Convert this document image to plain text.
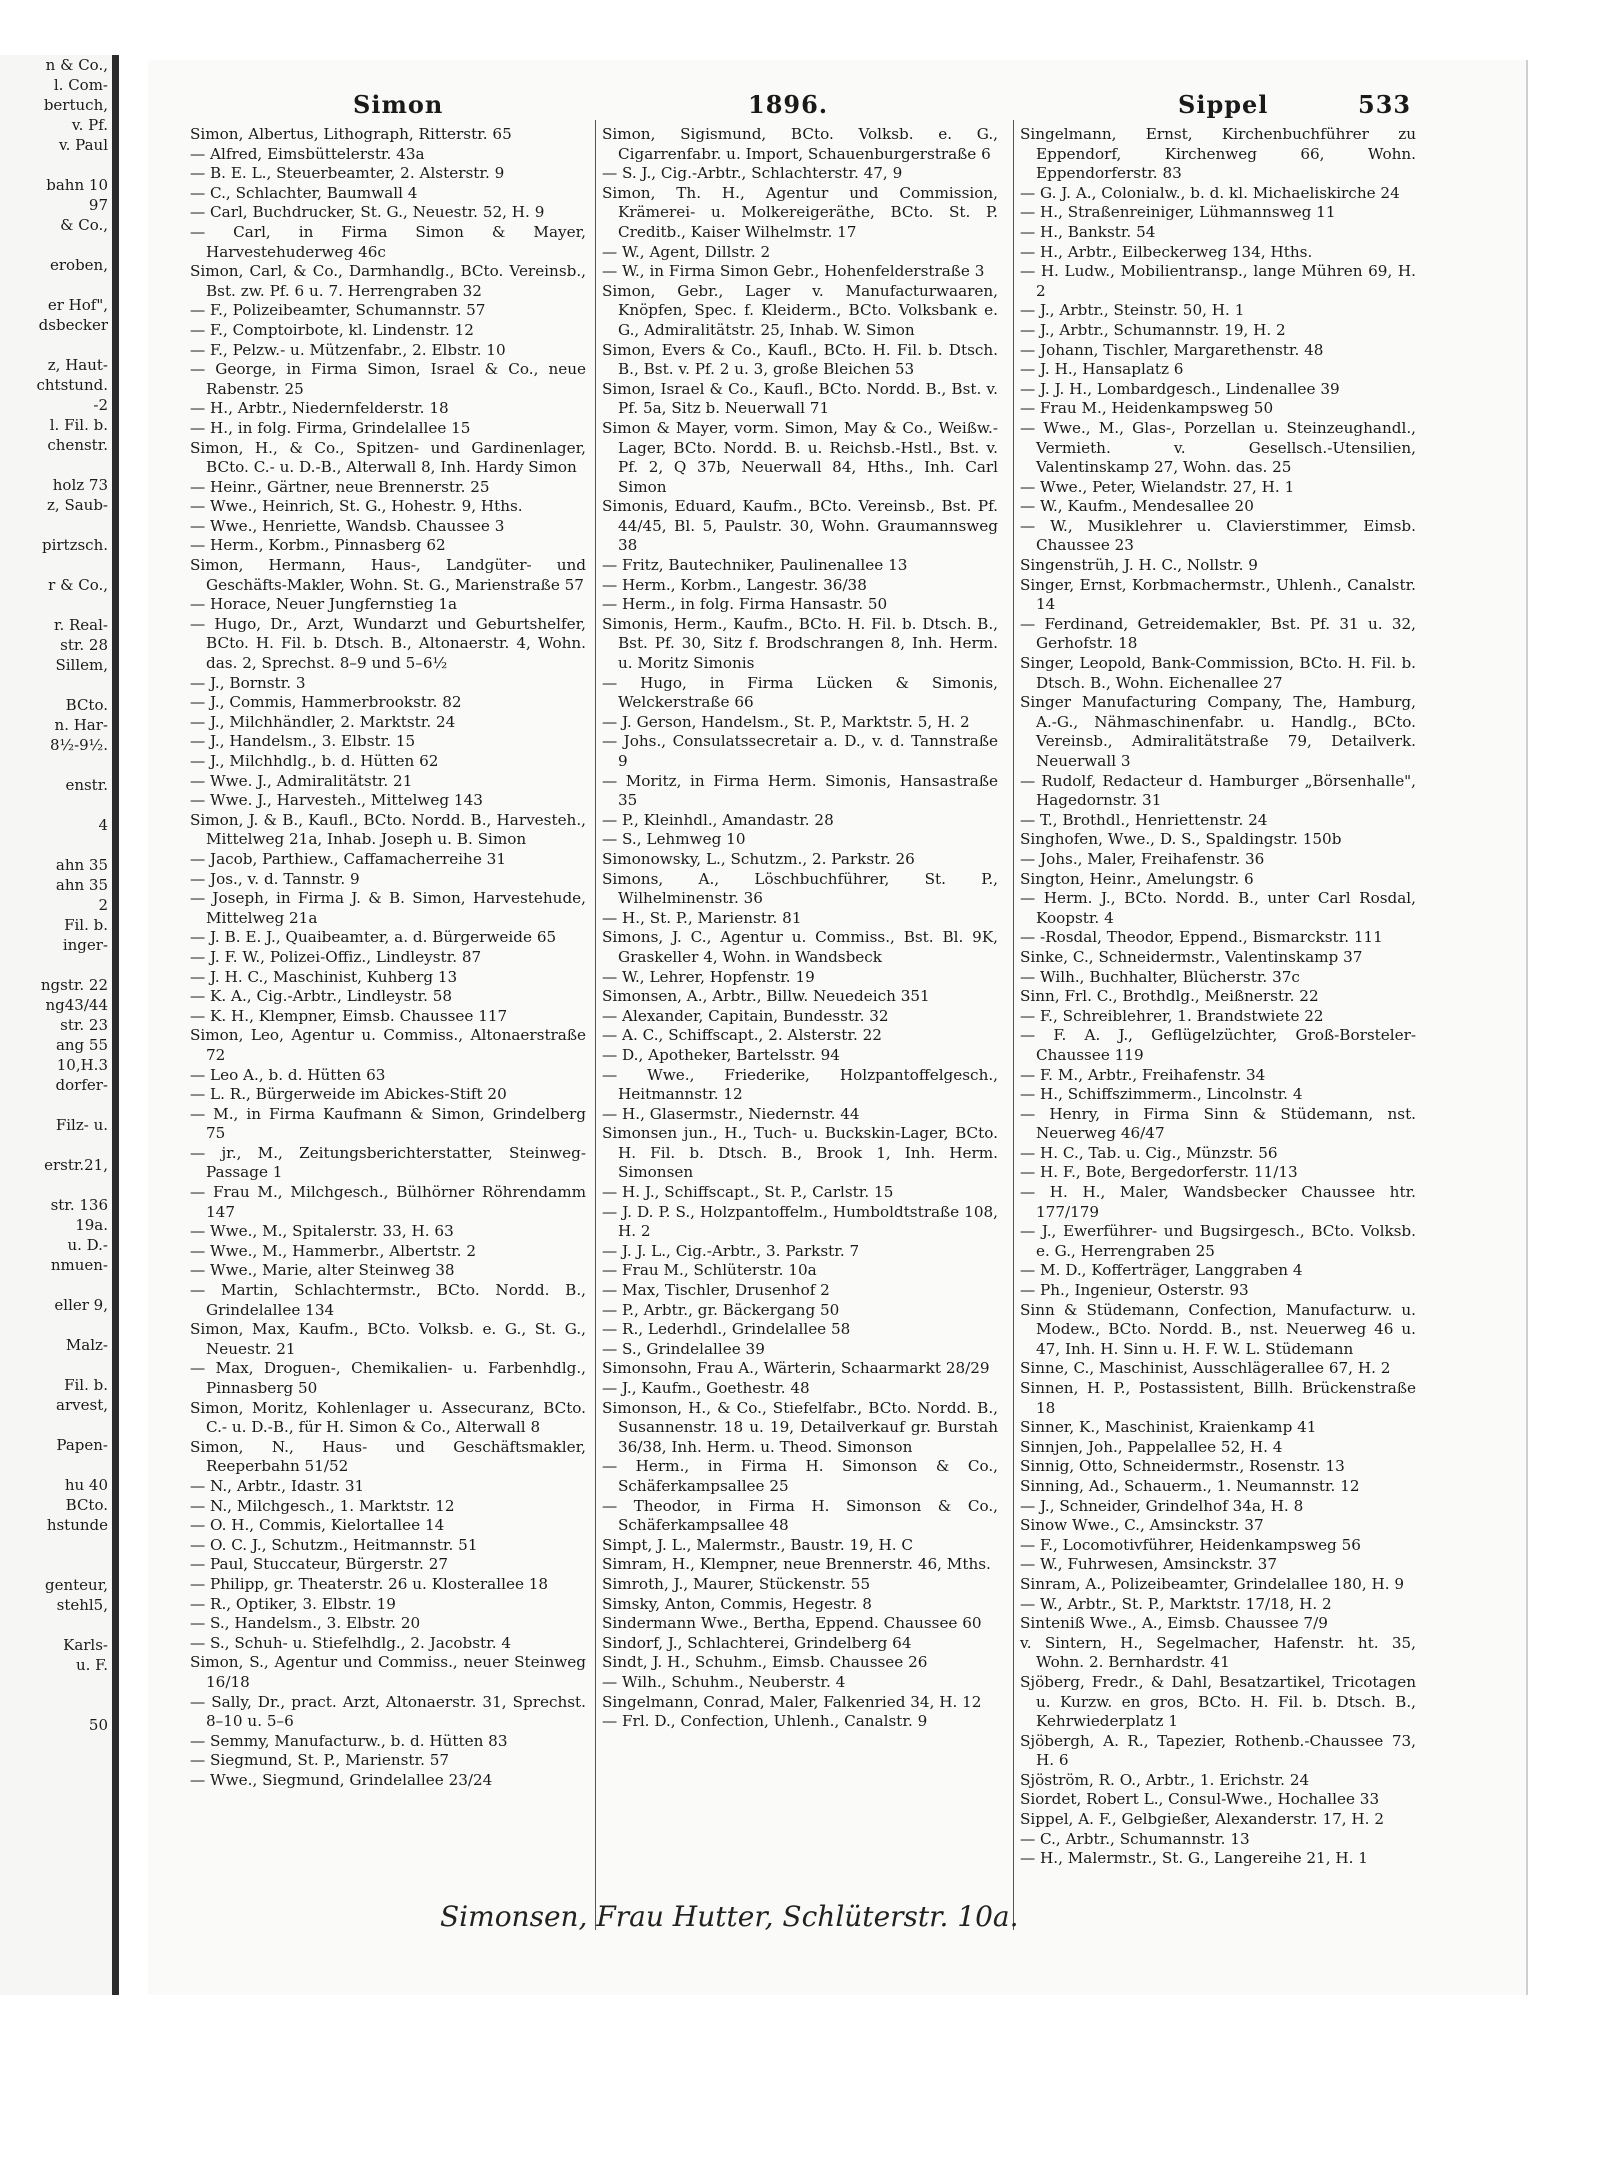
n & Co.,
l. Com-
bertuch,
v. Pf.
v. Paul

bahn 10
97
& Co.,

eroben,

er Hof",
dsbecker

z, Haut-
chtstund.
-2
l. Fil. b.
chenstr.

holz 73
z, Saub-

pirtzsch.

r & Co.,

r. Real-
str. 28
Sillem,

BCto.
n. Har-
8½-9½.

enstr.

4

ahn 35
ahn 35
2
Fil. b.
inger-

ngstr. 22
ng43/44
str. 23
ang 55
10,H.3
dorfer-

Filz- u.

erstr.21,

str. 136
19a.
u. D.-
nmuen-

eller 9,

Malz-

Fil. b.
arvest,

Papen-

hu 40
BCto.
hstunde

genteur,
stehl5,

Karls-
u. F.

50
Simon	1896.	Sippel	533

Simon, Albertus, Lithograph, Ritterstr. 65

— Alfred, Eimsbüttelerstr. 43a

— B. E. L., Steuerbeamter, 2. Alsterstr. 9

— C., Schlachter, Baumwall 4

— Carl, Buchdrucker, St. G., Neuestr. 52, H. 9

— Carl, in Firma Simon & Mayer, Harvestehuderweg 46c

Simon, Carl, & Co., Darmhandlg., BCto. Vereinsb., Bst. zw. Pf. 6 u. 7. Herrengraben 32

— F., Polizeibeamter, Schumannstr. 57

— F., Comptoirbote, kl. Lindenstr. 12

— F., Pelzw.- u. Mützenfabr., 2. Elbstr. 10

— George, in Firma Simon, Israel & Co., neue Rabenstr. 25

— H., Arbtr., Niedernfelderstr. 18

— H., in folg. Firma, Grindelallee 15

Simon, H., & Co., Spitzen- und Gardinenlager, BCto. C.- u. D.-B., Alterwall 8, Inh. Hardy Simon

— Heinr., Gärtner, neue Brennerstr. 25

— Wwe., Heinrich, St. G., Hohestr. 9, Hths.

— Wwe., Henriette, Wandsb. Chaussee 3

— Herm., Korbm., Pinnasberg 62

Simon, Hermann, Haus-, Landgüter- und Geschäfts-Makler, Wohn. St. G., Marienstraße 57

— Horace, Neuer Jungfernstieg 1a

— Hugo, Dr., Arzt, Wundarzt und Geburtshelfer, BCto. H. Fil. b. Dtsch. B., Altonaerstr. 4, Wohn. das. 2, Sprechst. 8–9 und 5–6½

— J., Bornstr. 3

— J., Commis, Hammerbrookstr. 82

— J., Milchhändler, 2. Marktstr. 24

— J., Handelsm., 3. Elbstr. 15

— J., Milchhdlg., b. d. Hütten 62

— Wwe. J., Admiralitätstr. 21

— Wwe. J., Harvesteh., Mittelweg 143

Simon, J. & B., Kaufl., BCto. Nordd. B., Harvesteh., Mittelweg 21a, Inhab. Joseph u. B. Simon

— Jacob, Parthiew., Caffamacherreihe 31

— Jos., v. d. Tannstr. 9

— Joseph, in Firma J. & B. Simon, Harvestehude, Mittelweg 21a

— J. B. E. J., Quaibeamter, a. d. Bürgerweide 65

— J. F. W., Polizei-Offiz., Lindleystr. 87

— J. H. C., Maschinist, Kuhberg 13

— K. A., Cig.-Arbtr., Lindleystr. 58

— K. H., Klempner, Eimsb. Chaussee 117

Simon, Leo, Agentur u. Commiss., Altonaerstraße 72

— Leo A., b. d. Hütten 63

— L. R., Bürgerweide im Abickes-Stift 20

— M., in Firma Kaufmann & Simon, Grindelberg 75

— jr., M., Zeitungsberichterstatter, Steinweg-Passage 1

— Frau M., Milchgesch., Bülhörner Röhrendamm 147

— Wwe., M., Spitalerstr. 33, H. 63

— Wwe., M., Hammerbr., Albertstr. 2

— Wwe., Marie, alter Steinweg 38

— Martin, Schlachtermstr., BCto. Nordd. B., Grindelallee 134

Simon, Max, Kaufm., BCto. Volksb. e. G., St. G., Neuestr. 21

— Max, Droguen-, Chemikalien- u. Farbenhdlg., Pinnasberg 50

Simon, Moritz, Kohlenlager u. Assecuranz, BCto. C.- u. D.-B., für H. Simon & Co., Alterwall 8

Simon, N., Haus- und Geschäftsmakler, Reeperbahn 51/52

— N., Arbtr., Idastr. 31

— N., Milchgesch., 1. Marktstr. 12

— O. H., Commis, Kielortallee 14

— O. C. J., Schutzm., Heitmannstr. 51

— Paul, Stuccateur, Bürgerstr. 27

— Philipp, gr. Theaterstr. 26 u. Klosterallee 18

— R., Optiker, 3. Elbstr. 19

— S., Handelsm., 3. Elbstr. 20

— S., Schuh- u. Stiefelhdlg., 2. Jacobstr. 4

Simon, S., Agentur und Commiss., neuer Steinweg 16/18

— Sally, Dr., pract. Arzt, Altonaerstr. 31, Sprechst. 8–10 u. 5–6

— Semmy, Manufacturw., b. d. Hütten 83

— Siegmund, St. P., Marienstr. 57

— Wwe., Siegmund, Grindelallee 23/24

Simon, Sigismund, BCto. Volksb. e. G., Cigarrenfabr. u. Import, Schauenburgerstraße 6

— S. J., Cig.-Arbtr., Schlachterstr. 47, 9

Simon, Th. H., Agentur und Commission, Krämerei- u. Molkereigeräthe, BCto. St. P. Creditb., Kaiser Wilhelmstr. 17

— W., Agent, Dillstr. 2

— W., in Firma Simon Gebr., Hohenfelderstraße 3

Simon, Gebr., Lager v. Manufacturwaaren, Knöpfen, Spec. f. Kleiderm., BCto. Volksbank e. G., Admiralitätstr. 25, Inhab. W. Simon

Simon, Evers & Co., Kaufl., BCto. H. Fil. b. Dtsch. B., Bst. v. Pf. 2 u. 3, große Bleichen 53

Simon, Israel & Co., Kaufl., BCto. Nordd. B., Bst. v. Pf. 5a, Sitz b. Neuerwall 71

Simon & Mayer, vorm. Simon, May & Co., Weißw.-Lager, BCto. Nordd. B. u. Reichsb.-Hstl., Bst. v. Pf. 2, Q 37b, Neuerwall 84, Hths., Inh. Carl Simon

Simonis, Eduard, Kaufm., BCto. Vereinsb., Bst. Pf. 44/45, Bl. 5, Paulstr. 30, Wohn. Graumannsweg 38

— Fritz, Bautechniker, Paulinenallee 13

— Herm., Korbm., Langestr. 36/38

— Herm., in folg. Firma Hansastr. 50

Simonis, Herm., Kaufm., BCto. H. Fil. b. Dtsch. B., Bst. Pf. 30, Sitz f. Brodschrangen 8, Inh. Herm. u. Moritz Simonis

— Hugo, in Firma Lücken & Simonis, Welckerstraße 66

— J. Gerson, Handelsm., St. P., Marktstr. 5, H. 2

— Johs., Consulatssecretair a. D., v. d. Tannstraße 9

— Moritz, in Firma Herm. Simonis, Hansastraße 35

— P., Kleinhdl., Amandastr. 28

— S., Lehmweg 10

Simonowsky, L., Schutzm., 2. Parkstr. 26

Simons, A., Löschbuchführer, St. P., Wilhelminenstr. 36

— H., St. P., Marienstr. 81

Simons, J. C., Agentur u. Commiss., Bst. Bl. 9K, Graskeller 4, Wohn. in Wandsbeck

— W., Lehrer, Hopfenstr. 19

Simonsen, A., Arbtr., Billw. Neuedeich 351

— Alexander, Capitain, Bundesstr. 32

— A. C., Schiffscapt., 2. Alsterstr. 22

— D., Apotheker, Bartelsstr. 94

— Wwe., Friederike, Holzpantoffelgesch., Heitmannstr. 12

— H., Glasermstr., Niedernstr. 44

Simonsen jun., H., Tuch- u. Buckskin-Lager, BCto. H. Fil. b. Dtsch. B., Brook 1, Inh. Herm. Simonsen

— H. J., Schiffscapt., St. P., Carlstr. 15

— J. D. P. S., Holzpantoffelm., Humboldtstraße 108, H. 2

— J. J. L., Cig.-Arbtr., 3. Parkstr. 7

— Frau M., Schlüterstr. 10a

— Max, Tischler, Drusenhof 2

— P., Arbtr., gr. Bäckergang 50

— R., Lederhdl., Grindelallee 58

— S., Grindelallee 39

Simonsohn, Frau A., Wärterin, Schaarmarkt 28/29

— J., Kaufm., Goethestr. 48

Simonson, H., & Co., Stiefelfabr., BCto. Nordd. B., Susannenstr. 18 u. 19, Detailverkauf gr. Burstah 36/38, Inh. Herm. u. Theod. Simonson

— Herm., in Firma H. Simonson & Co., Schäferkampsallee 25

— Theodor, in Firma H. Simonson & Co., Schäferkampsallee 48

Simpt, J. L., Malermstr., Baustr. 19, H. C

Simram, H., Klempner, neue Brennerstr. 46, Mths.

Simroth, J., Maurer, Stückenstr. 55

Simsky, Anton, Commis, Hegestr. 8

Sindermann Wwe., Bertha, Eppend. Chaussee 60

Sindorf, J., Schlachterei, Grindelberg 64

Sindt, J. H., Schuhm., Eimsb. Chaussee 26

— Wilh., Schuhm., Neuberstr. 4

Singelmann, Conrad, Maler, Falkenried 34, H. 12

— Frl. D., Confection, Uhlenh., Canalstr. 9

Singelmann, Ernst, Kirchenbuchführer zu Eppendorf, Kirchenweg 66, Wohn. Eppendorferstr. 83

— G. J. A., Colonialw., b. d. kl. Michaeliskirche 24

— H., Straßenreiniger, Lühmannsweg 11

— H., Bankstr. 54

— H., Arbtr., Eilbeckerweg 134, Hths.

— H. Ludw., Mobilientransp., lange Mühren 69, H. 2

— J., Arbtr., Steinstr. 50, H. 1

— J., Arbtr., Schumannstr. 19, H. 2

— Johann, Tischler, Margarethenstr. 48

— J. H., Hansaplatz 6

— J. J. H., Lombardgesch., Lindenallee 39

— Frau M., Heidenkampsweg 50

— Wwe., M., Glas-, Porzellan u. Steinzeughandl., Vermieth. v. Gesellsch.-Utensilien, Valentinskamp 27, Wohn. das. 25

— Wwe., Peter, Wielandstr. 27, H. 1

— W., Kaufm., Mendesallee 20

— W., Musiklehrer u. Clavierstimmer, Eimsb. Chaussee 23

Singenstrüh, J. H. C., Nollstr. 9

Singer, Ernst, Korbmachermstr., Uhlenh., Canalstr. 14

— Ferdinand, Getreidemakler, Bst. Pf. 31 u. 32, Gerhofstr. 18

Singer, Leopold, Bank-Commission, BCto. H. Fil. b. Dtsch. B., Wohn. Eichenallee 27

Singer Manufacturing Company, The, Hamburg, A.-G., Nähmaschinenfabr. u. Handlg., BCto. Vereinsb., Admiralitätstraße 79, Detailverk. Neuerwall 3

— Rudolf, Redacteur d. Hamburger „Börsenhalle", Hagedornstr. 31

— T., Brothdl., Henriettenstr. 24

Singhofen, Wwe., D. S., Spaldingstr. 150b

— Johs., Maler, Freihafenstr. 36

Sington, Heinr., Amelungstr. 6

— Herm. J., BCto. Nordd. B., unter Carl Rosdal, Koopstr. 4

— -Rosdal, Theodor, Eppend., Bismarckstr. 111

Sinke, C., Schneidermstr., Valentinskamp 37

— Wilh., Buchhalter, Blücherstr. 37c

Sinn, Frl. C., Brothdlg., Meißnerstr. 22

— F., Schreiblehrer, 1. Brandstwiete 22

— F. A. J., Geflügelzüchter, Groß-Borsteler-Chaussee 119

— F. M., Arbtr., Freihafenstr. 34

— H., Schiffszimmerm., Lincolnstr. 4

— Henry, in Firma Sinn & Stüdemann, nst. Neuerweg 46/47

— H. C., Tab. u. Cig., Münzstr. 56

— H. F., Bote, Bergedorferstr. 11/13

— H. H., Maler, Wandsbecker Chaussee htr. 177/179

— J., Ewerführer- und Bugsirgesch., BCto. Volksb. e. G., Herrengraben 25

— M. D., Kofferträger, Langgraben 4

— Ph., Ingenieur, Osterstr. 93

Sinn & Stüdemann, Confection, Manufacturw. u. Modew., BCto. Nordd. B., nst. Neuerweg 46 u. 47, Inh. H. Sinn u. H. F. W. L. Stüdemann

Sinne, C., Maschinist, Ausschlägerallee 67, H. 2

Sinnen, H. P., Postassistent, Billh. Brückenstraße 18

Sinner, K., Maschinist, Kraienkamp 41

Sinnjen, Joh., Pappelallee 52, H. 4

Sinnig, Otto, Schneidermstr., Rosenstr. 13

Sinning, Ad., Schauerm., 1. Neumannstr. 12

— J., Schneider, Grindelhof 34a, H. 8

Sinow Wwe., C., Amsinckstr. 37

— F., Locomotivführer, Heidenkampsweg 56

— W., Fuhrwesen, Amsinckstr. 37

Sinram, A., Polizeibeamter, Grindelallee 180, H. 9

— W., Arbtr., St. P., Marktstr. 17/18, H. 2

Sinteniß Wwe., A., Eimsb. Chaussee 7/9

v. Sintern, H., Segelmacher, Hafenstr. ht. 35, Wohn. 2. Bernhardstr. 41

Sjöberg, Fredr., & Dahl, Besatzartikel, Tricotagen u. Kurzw. en gros, BCto. H. Fil. b. Dtsch. B., Kehrwiederplatz 1

Sjöbergh, A. R., Tapezier, Rothenb.-Chaussee 73, H. 6

Sjöström, R. O., Arbtr., 1. Erichstr. 24

Siordet, Robert L., Consul-Wwe., Hochallee 33

Sippel, A. F., Gelbgießer, Alexanderstr. 17, H. 2

— C., Arbtr., Schumannstr. 13

— H., Malermstr., St. G., Langereihe 21, H. 1

Simonsen, Frau Hutter, Schlüterstr. 10a.
